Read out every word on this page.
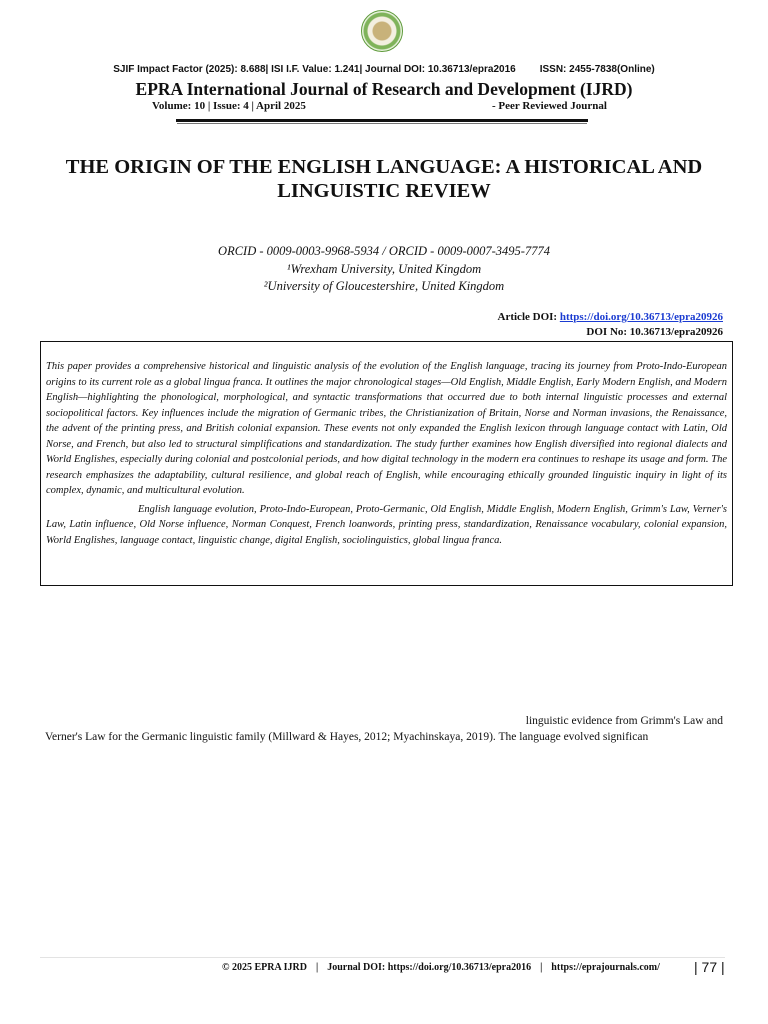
SJIF Impact Factor (2025): 8.688| ISI I.F. Value: 1.241| Journal DOI: 10.36713/epra2016 ISSN: 2455-7838(Online)
EPRA International Journal of Research and Development (IJRD)
Volume: 10 | Issue: 4 | April 2025	- Peer Reviewed Journal
THE ORIGIN OF THE ENGLISH LANGUAGE: A HISTORICAL AND LINGUISTIC REVIEW
ORCID - 0009-0003-9968-5934 / ORCID - 0009-0007-3495-7774
¹Wrexham University, United Kingdom
²University of Gloucestershire, United Kingdom
Article DOI: https://doi.org/10.36713/epra20926
DOI No: 10.36713/epra20926

This paper provides a comprehensive historical and linguistic analysis of the evolution of the English language, tracing its journey from Proto-Indo-European origins to its current role as a global lingua franca. It outlines the major chronological stages—Old English, Middle English, Early Modern English, and Modern English—highlighting the phonological, morphological, and syntactic transformations that occurred due to both internal linguistic processes and external sociopolitical factors. Key influences include the migration of Germanic tribes, the Christianization of Britain, Norse and Norman invasions, the Renaissance, the advent of the printing press, and British colonial expansion. These events not only expanded the English lexicon through language contact with Latin, Old Norse, and French, but also led to structural simplifications and standardization. The study further examines how English diversified into regional dialects and World Englishes, especially during colonial and postcolonial periods, and how digital technology in the modern era continues to reshape its usage and form. The research emphasizes the adaptability, cultural resilience, and global reach of English, while encouraging ethically grounded linguistic inquiry in light of its complex, dynamic, and multicultural evolution.

English language evolution, Proto-Indo-European, Proto-Germanic, Old English, Middle English, Modern English, Grimm's Law, Verner's Law, Latin influence, Old Norse influence, Norman Conquest, French loanwords, printing press, standardization, Renaissance vocabulary, colonial expansion, World Englishes, language contact, linguistic change, digital English, sociolinguistics, global lingua franca.

linguistic evidence from Grimm's Law and
Verner's Law for the Germanic linguistic family (Millward & Hayes, 2012; Myachinskaya, 2019). The language evolved significan
© 2025 EPRA IJRD | Journal DOI: https://doi.org/10.36713/epra2016 | https://eprajournals.com/ | 77 |
